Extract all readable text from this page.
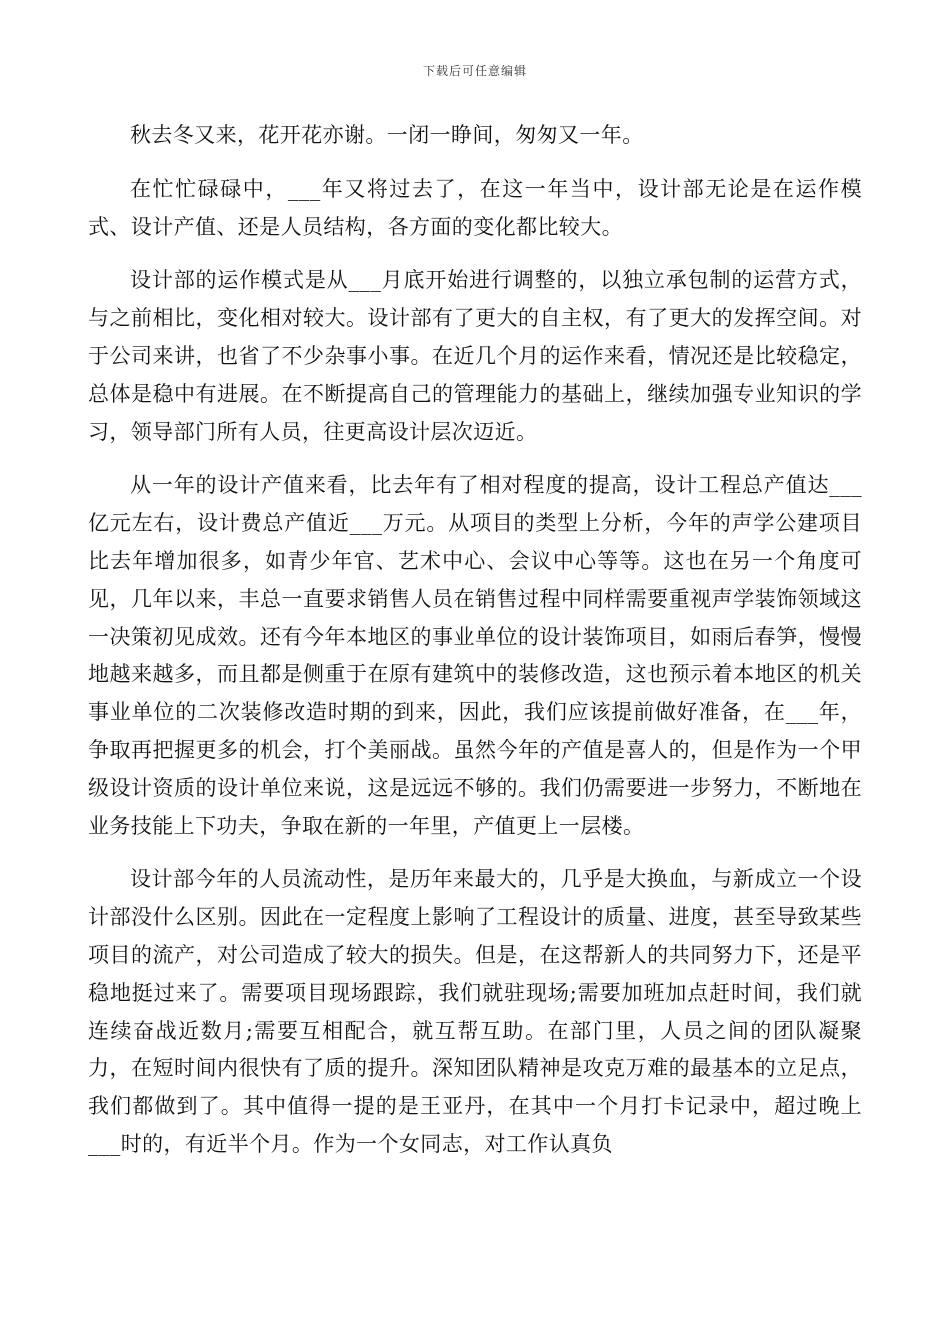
下载后可任意编辑

秋去冬又来，花开花亦谢。一闭一睁间，匆匆又一年。

在忙忙碌碌中，___年又将过去了，在这一年当中，设计部无论是在运作模式、设计产值、还是人员结构，各方面的变化都比较大。

设计部的运作模式是从___月底开始进行调整的，以独立承包制的运营方式，与之前相比，变化相对较大。设计部有了更大的自主权，有了更大的发挥空间。对于公司来讲，也省了不少杂事小事。在近几个月的运作来看，情况还是比较稳定，总体是稳中有进展。在不断提高自己的管理能力的基础上，继续加强专业知识的学习，领导部门所有人员，往更高设计层次迈近。

从一年的设计产值来看，比去年有了相对程度的提高，设计工程总产值达___亿元左右，设计费总产值近___万元。从项目的类型上分析，今年的声学公建项目比去年增加很多，如青少年官、艺术中心、会议中心等等。这也在另一个角度可见，几年以来，丰总一直要求销售人员在销售过程中同样需要重视声学装饰领域这一决策初见成效。还有今年本地区的事业单位的设计装饰项目，如雨后春笋，慢慢地越来越多，而且都是侧重于在原有建筑中的装修改造，这也预示着本地区的机关事业单位的二次装修改造时期的到来，因此，我们应该提前做好准备，在___年，争取再把握更多的机会，打个美丽战。虽然今年的产值是喜人的，但是作为一个甲级设计资质的设计单位来说，这是远远不够的。我们仍需要进一步努力，不断地在业务技能上下功夫，争取在新的一年里，产值更上一层楼。

设计部今年的人员流动性，是历年来最大的，几乎是大换血，与新成立一个设计部没什么区别。因此在一定程度上影响了工程设计的质量、进度，甚至导致某些项目的流产，对公司造成了较大的损失。但是，在这帮新人的共同努力下，还是平稳地挺过来了。需要项目现场跟踪，我们就驻现场;需要加班加点赶时间，我们就连续奋战近数月;需要互相配合，就互帮互助。在部门里，人员之间的团队凝聚力，在短时间内很快有了质的提升。深知团队精神是攻克万难的最基本的立足点，我们都做到了。其中值得一提的是王亚丹，在其中一个月打卡记录中，超过晚上___时的，有近半个月。作为一个女同志，对工作认真负
